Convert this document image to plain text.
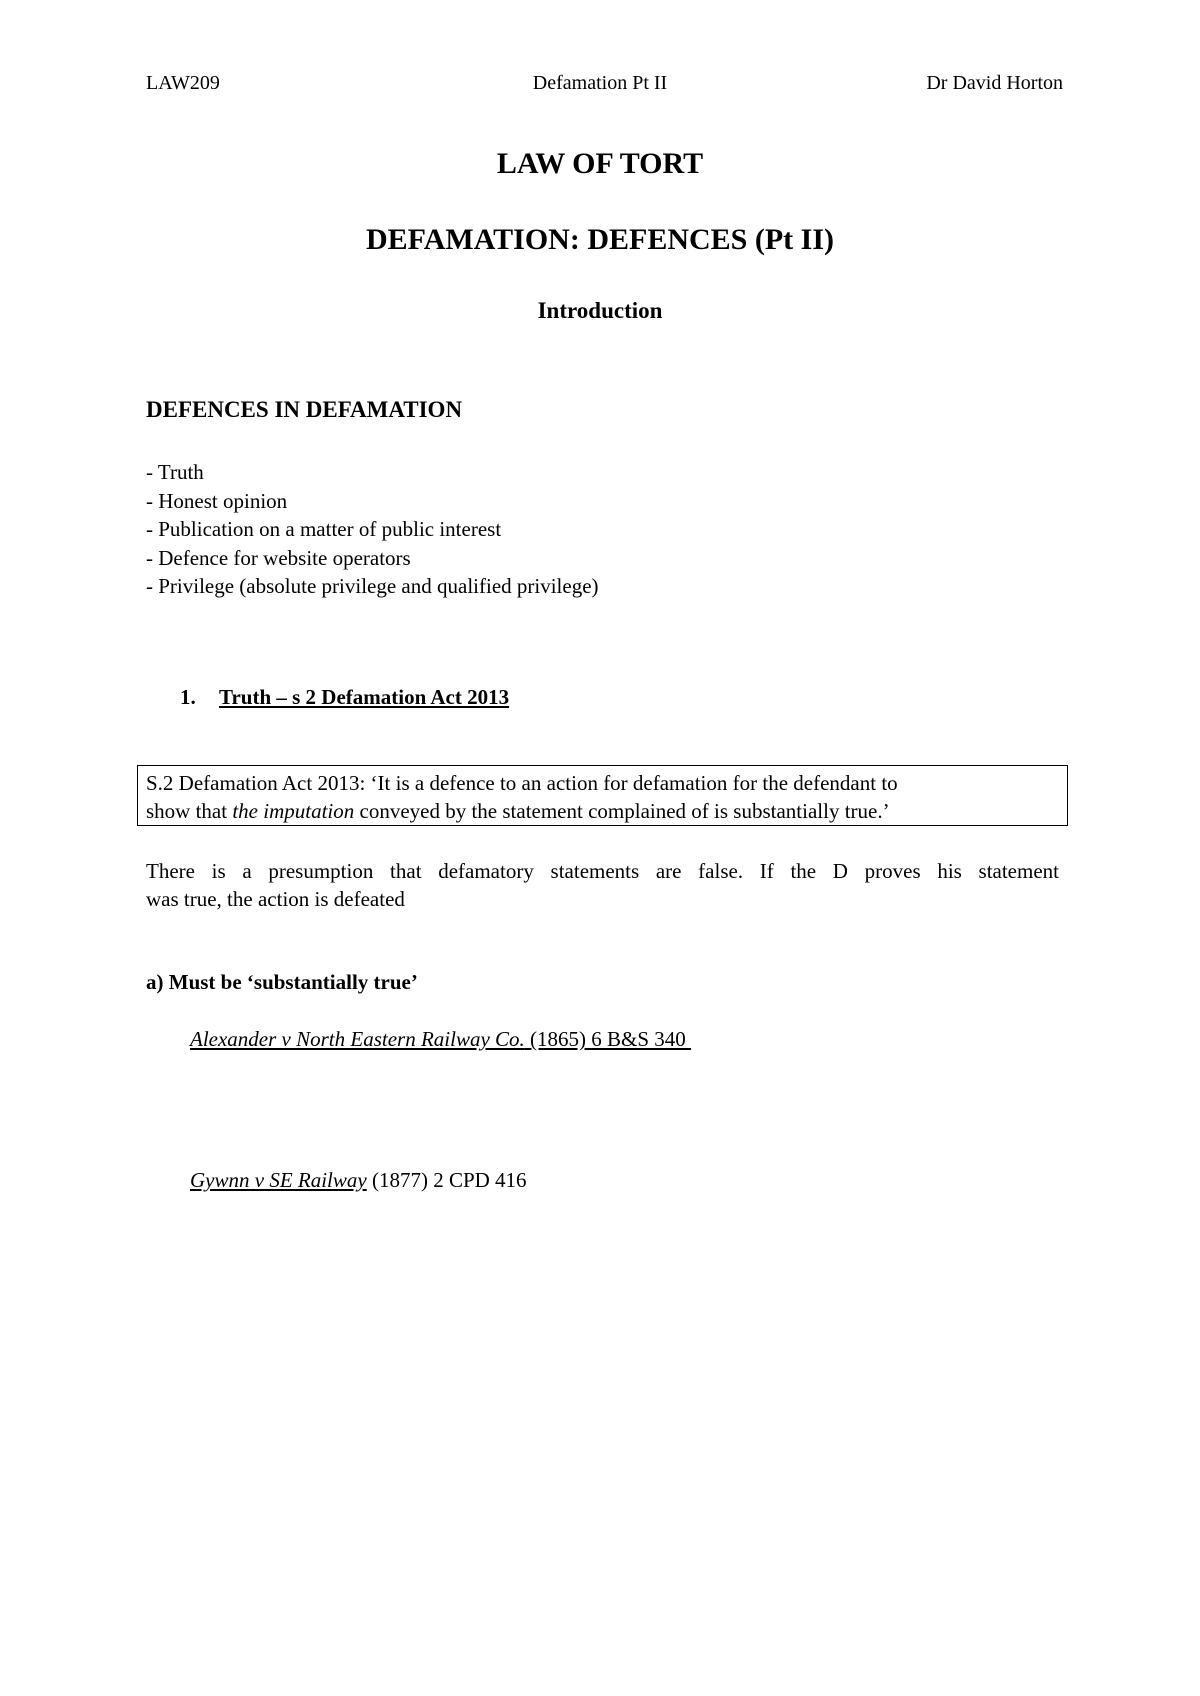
LAW209	Defamation Pt II	Dr David Horton
LAW OF TORT
DEFAMATION: DEFENCES (Pt II)
Introduction
DEFENCES IN DEFAMATION
- Truth
- Honest opinion
- Publication on a matter of public interest
- Defence for website operators
- Privilege (absolute privilege and qualified privilege)
1. Truth – s 2 Defamation Act 2013
S.2 Defamation Act 2013: ‘It is a defence to an action for defamation for the defendant to
show that the imputation conveyed by the statement complained of is substantially true.’
There is a presumption that defamatory statements are false. If the D proves his statement
was true, the action is defeated
a) Must be ‘substantially true’
Alexander v North Eastern Railway Co. (1865) 6 B&S 340
Gywnn v SE Railway (1877) 2 CPD 416
